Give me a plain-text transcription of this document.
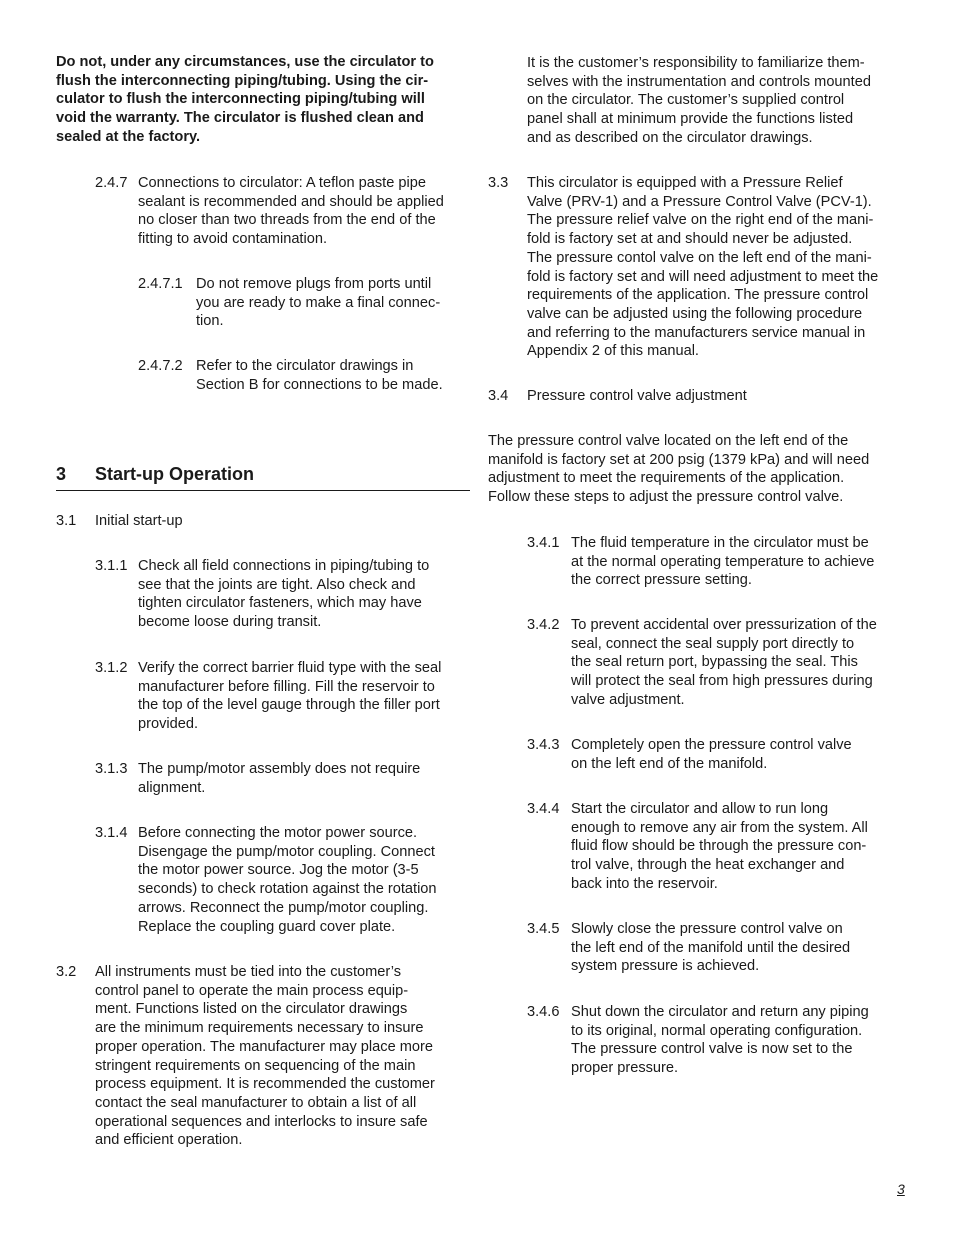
Do not, under any circumstances, use the circulator to
flush the interconnecting piping/tubing. Using the cir-
culator to flush the interconnecting piping/tubing will
void the warranty. The circulator is flushed clean and
sealed at the factory.
2.4.7 Connections to circulator: A teflon paste pipe
sealant is recommended and should be applied
no closer than two threads from the end of the
fitting to avoid contamination.
2.4.7.1 Do not remove plugs from ports until
you are ready to make a final connec-
tion.
2.4.7.2 Refer to the circulator drawings in
Section B for connections to be made.
3 Start-up Operation
3.1 Initial start-up
3.1.1 Check all field connections in piping/tubing to
see that the joints are tight. Also check and
tighten circulator fasteners, which may have
become loose during transit.
3.1.2 Verify the correct barrier fluid type with the seal
manufacturer before filling. Fill the reservoir to
the top of the level gauge through the filler port
provided.
3.1.3 The pump/motor assembly does not require
alignment.
3.1.4 Before connecting the motor power source.
Disengage the pump/motor coupling. Connect
the motor power source. Jog the motor (3-5
seconds) to check rotation against the rotation
arrows. Reconnect the pump/motor coupling.
Replace the coupling guard cover plate.
3.2 All instruments must be tied into the customer’s
control panel to operate the main process equip-
ment. Functions listed on the circulator drawings
are the minimum requirements necessary to insure
proper operation. The manufacturer may place more
stringent requirements on sequencing of the main
process equipment. It is recommended the customer
contact the seal manufacturer to obtain a list of all
operational sequences and interlocks to insure safe
and efficient operation.
It is the customer’s responsibility to familiarize them-
selves with the instrumentation and controls mounted
on the circulator. The customer’s supplied control
panel shall at minimum provide the functions listed
and as described on the circulator drawings.
3.3 This circulator is equipped with a Pressure Relief
Valve (PRV-1) and a Pressure Control Valve (PCV-1).
The pressure relief valve on the right end of the mani-
fold is factory set at and should never be adjusted.
The pressure contol valve on the left end of the mani-
fold is factory set and will need adjustment to meet the
requirements of the application. The pressure control
valve can be adjusted using the following procedure
and referring to the manufacturers service manual in
Appendix 2 of this manual.
3.4 Pressure control valve adjustment
The pressure control valve located on the left end of the
manifold is factory set at 200 psig (1379 kPa) and will need
adjustment to meet the requirements of the application.
Follow these steps to adjust the pressure control valve.
3.4.1 The fluid temperature in the circulator must be
at the normal operating temperature to achieve
the correct pressure setting.
3.4.2 To prevent accidental over pressurization of the
seal, connect the seal supply port directly to
the seal return port, bypassing the seal. This
will protect the seal from high pressures during
valve adjustment.
3.4.3 Completely open the pressure control valve
on the left end of the manifold.
3.4.4 Start the circulator and allow to run long
enough to remove any air from the system. All
fluid flow should be through the pressure con-
trol valve, through the heat exchanger and
back into the reservoir.
3.4.5 Slowly close the pressure control valve on
the left end of the manifold until the desired
system pressure is achieved.
3.4.6 Shut down the circulator and return any piping
to its original, normal operating configuration.
The pressure control valve is now set to the
proper pressure.
3
